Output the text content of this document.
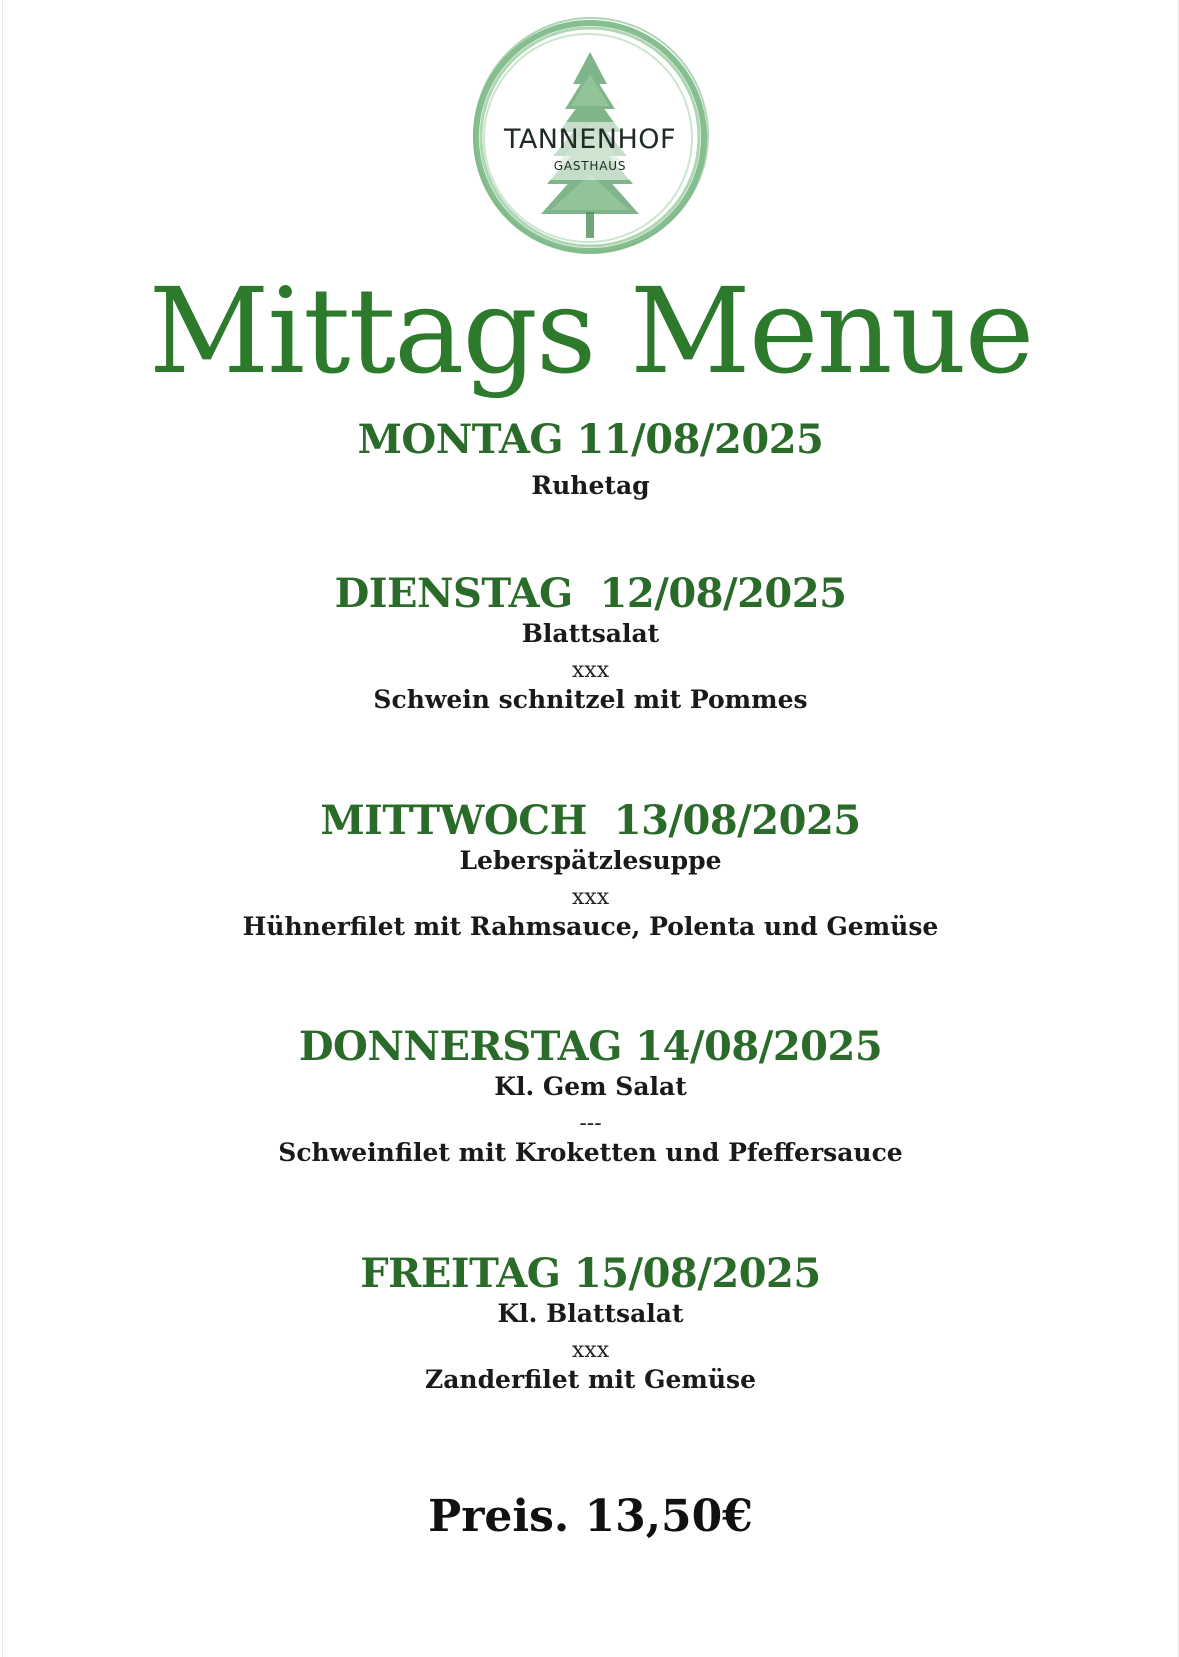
TANNENHOF
GASTHAUS
Mittags Menue
MONTAG 11/08/2025
Ruhetag
DIENSTAG  12/08/2025
Blattsalat
xxx
Schwein schnitzel mit Pommes
MITTWOCH  13/08/2025
Leberspätzlesuppe
xxx
Hühnerfilet mit Rahmsauce, Polenta und Gemüse
DONNERSTAG 14/08/2025
Kl. Gem Salat
---
Schweinfilet mit Kroketten und Pfeffersauce
FREITAG 15/08/2025
Kl. Blattsalat
xxx
Zanderfilet mit Gemüse
Preis. 13,50€
